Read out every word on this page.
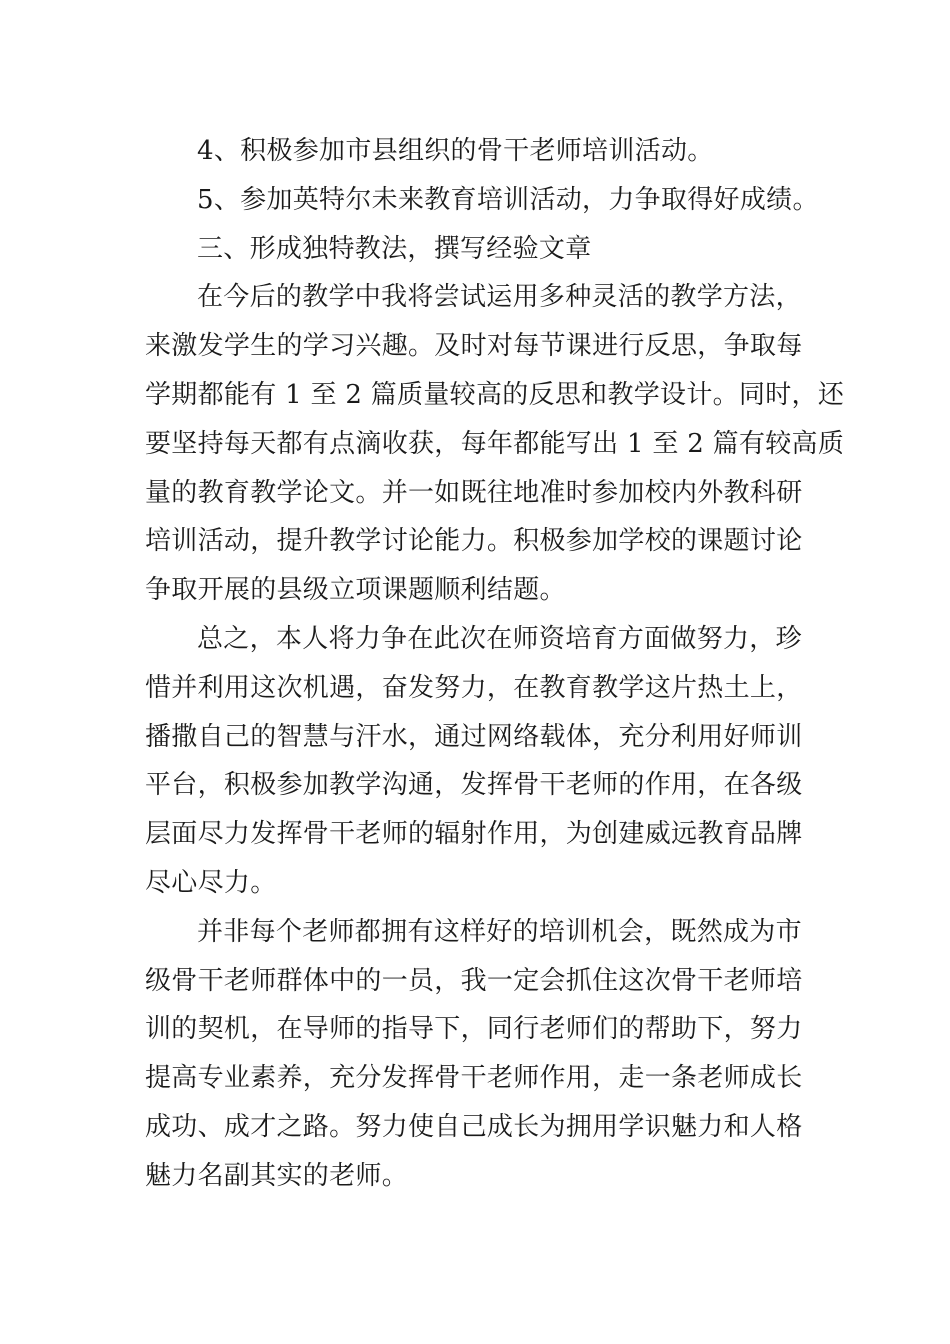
4、积极参加市县组织的骨干老师培训活动。
5、参加英特尔未来教育培训活动，力争取得好成绩。
三、形成独特教法，撰写经验文章
在今后的教学中我将尝试运用多种灵活的教学方法，
来激发学生的学习兴趣。及时对每节课进行反思，争取每
学期都能有 1 至 2 篇质量较高的反思和教学设计。同时，还
要坚持每天都有点滴收获，每年都能写出 1 至 2 篇有较高质
量的教育教学论文。并一如既往地准时参加校内外教科研
培训活动，提升教学讨论能力。积极参加学校的课题讨论
争取开展的县级立项课题顺利结题。
总之，本人将力争在此次在师资培育方面做努力，珍
惜并利用这次机遇，奋发努力，在教育教学这片热土上，
播撒自己的智慧与汗水，通过网络载体，充分利用好师训
平台，积极参加教学沟通，发挥骨干老师的作用，在各级
层面尽力发挥骨干老师的辐射作用，为创建威远教育品牌
尽心尽力。
并非每个老师都拥有这样好的培训机会，既然成为市
级骨干老师群体中的一员，我一定会抓住这次骨干老师培
训的契机，在导师的指导下，同行老师们的帮助下，努力
提高专业素养，充分发挥骨干老师作用，走一条老师成长
成功、成才之路。努力使自己成长为拥用学识魅力和人格
魅力名副其实的老师。
